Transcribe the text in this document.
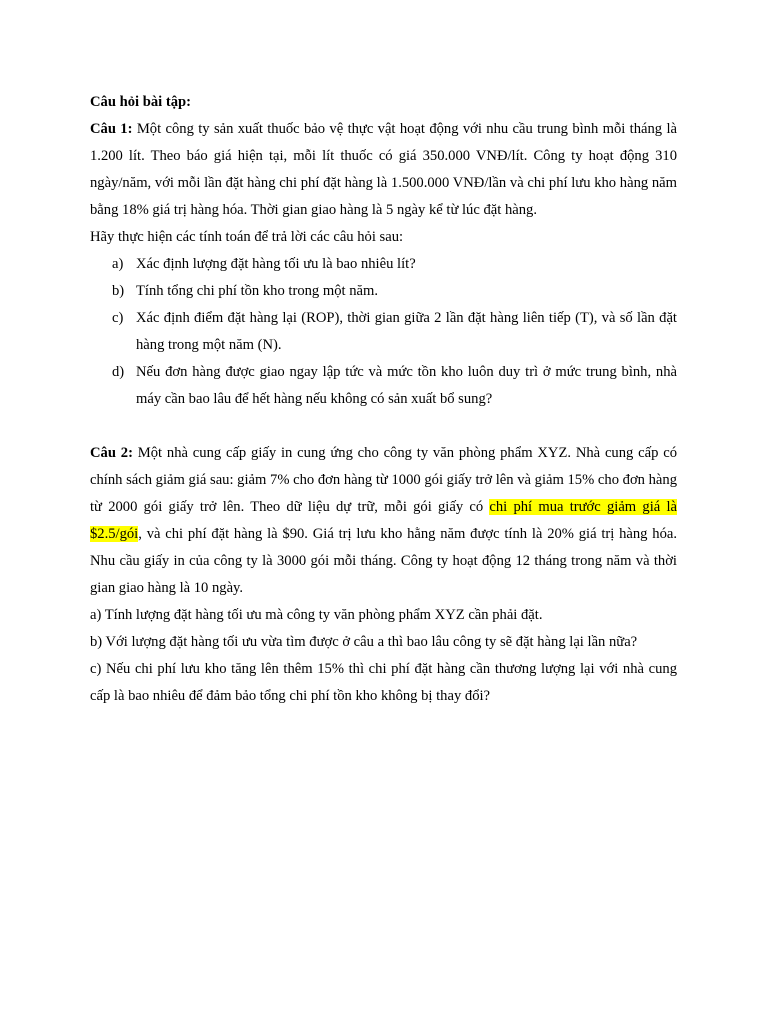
Câu hỏi bài tập:

Câu 1: Một công ty sản xuất thuốc bảo vệ thực vật hoạt động với nhu cầu trung bình mỗi tháng là 1.200 lít. Theo báo giá hiện tại, mỗi lít thuốc có giá 350.000 VNĐ/lít. Công ty hoạt động 310 ngày/năm, với mỗi lần đặt hàng chi phí đặt hàng là 1.500.000 VNĐ/lần và chi phí lưu kho hàng năm bằng 18% giá trị hàng hóa. Thời gian giao hàng là 5 ngày kể từ lúc đặt hàng.

Hãy thực hiện các tính toán để trả lời các câu hỏi sau:

a) Xác định lượng đặt hàng tối ưu là bao nhiêu lít?
b) Tính tổng chi phí tồn kho trong một năm.
c) Xác định điểm đặt hàng lại (ROP), thời gian giữa 2 lần đặt hàng liên tiếp (T), và số lần đặt hàng trong một năm (N).
d) Nếu đơn hàng được giao ngay lập tức và mức tồn kho luôn duy trì ở mức trung bình, nhà máy cần bao lâu để hết hàng nếu không có sản xuất bổ sung?

Câu 2: Một nhà cung cấp giấy in cung ứng cho công ty văn phòng phẩm XYZ. Nhà cung cấp có chính sách giảm giá sau: giảm 7% cho đơn hàng từ 1000 gói giấy trở lên và giảm 15% cho đơn hàng từ 2000 gói giấy trở lên. Theo dữ liệu dự trữ, mỗi gói giấy có chi phí mua trước giảm giá là $2.5/gói, và chi phí đặt hàng là $90. Giá trị lưu kho hằng năm được tính là 20% giá trị hàng hóa. Nhu cầu giấy in của công ty là 3000 gói mỗi tháng. Công ty hoạt động 12 tháng trong năm và thời gian giao hàng là 10 ngày.

a) Tính lượng đặt hàng tối ưu mà công ty văn phòng phẩm XYZ cần phải đặt.

b) Với lượng đặt hàng tối ưu vừa tìm được ở câu a thì bao lâu công ty sẽ đặt hàng lại lần nữa?

c) Nếu chi phí lưu kho tăng lên thêm 15% thì chi phí đặt hàng cần thương lượng lại với nhà cung cấp là bao nhiêu để đảm bảo tổng chi phí tồn kho không bị thay đổi?
